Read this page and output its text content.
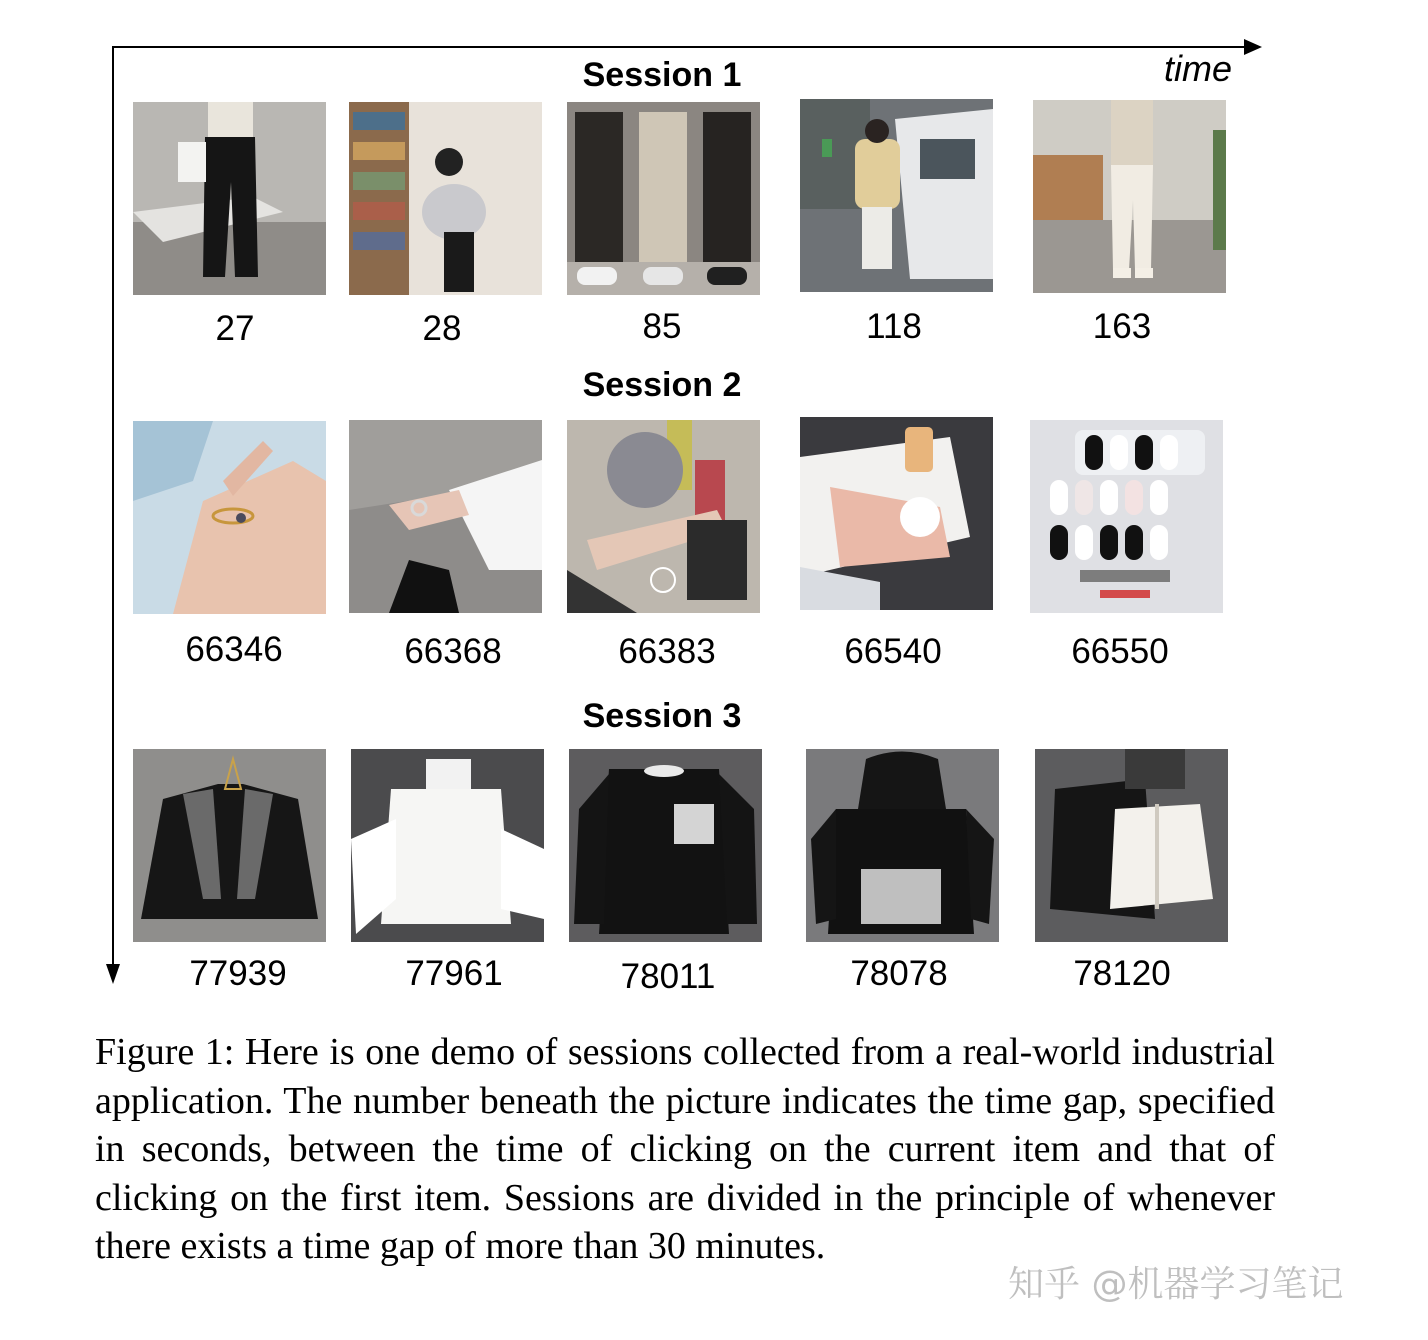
time
Session 1
27	28	85	118	163
Session 2
66346	66368	66383	66540	66550
Session 3
77939	77961	78011	78078	78120

Figure 1: Here is one demo of sessions collected from a real-world industrial application. The number beneath the picture indicates the time gap, specified in seconds, between the time of clicking on the current item and that of clicking on the first item. Sessions are divided in the principle of whenever there exists a time gap of more than 30 minutes.

知乎 @机器学习笔记
